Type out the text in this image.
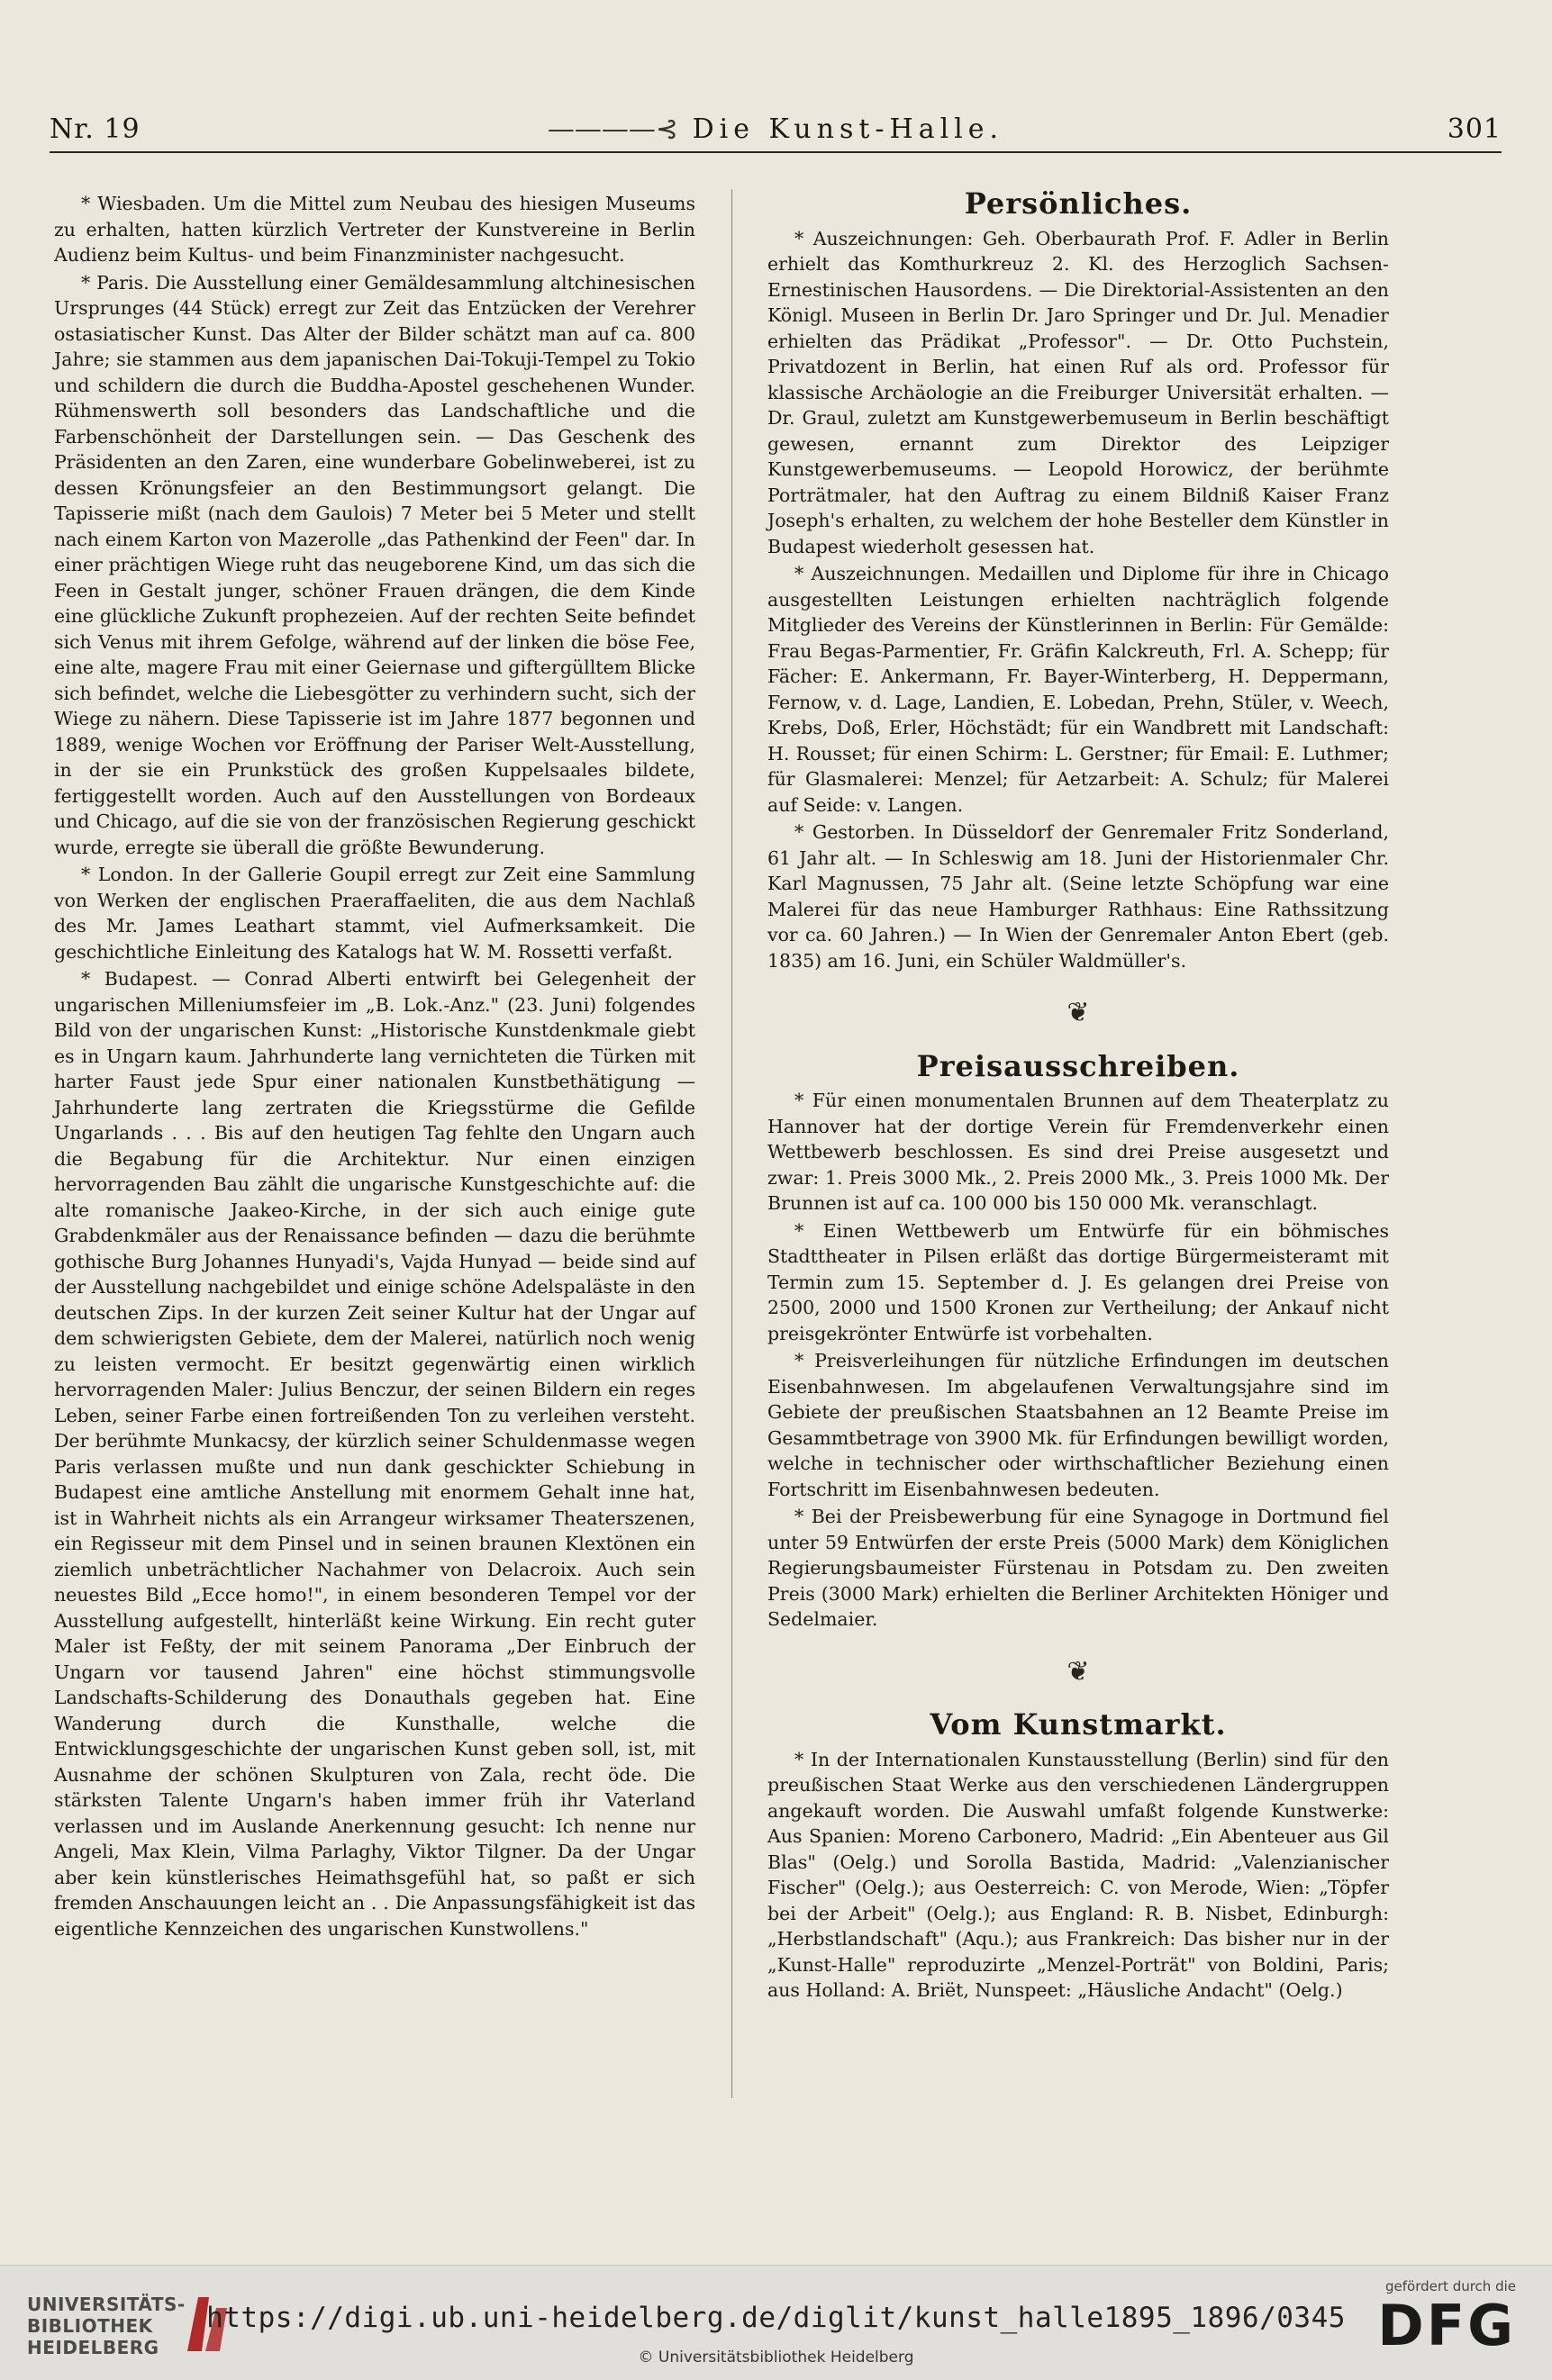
Nr. 19	————⊰ Die Kunst-Halle.	301

* Wiesbaden. Um die Mittel zum Neubau des hiesigen Museums zu erhalten, hatten kürzlich Vertreter der Kunstvereine in Berlin Audienz beim Kultus- und beim Finanzminister nachgesucht.

* Paris. Die Ausstellung einer Gemäldesammlung altchinesischen Ursprunges (44 Stück) erregt zur Zeit das Entzücken der Verehrer ostasiatischer Kunst. Das Alter der Bilder schätzt man auf ca. 800 Jahre; sie stammen aus dem japanischen Dai-Tokuji-Tempel zu Tokio und schildern die durch die Buddha-Apostel geschehenen Wunder. Rühmenswerth soll besonders das Landschaftliche und die Farbenschönheit der Darstellungen sein. — Das Geschenk des Präsidenten an den Zaren, eine wunderbare Gobelinweberei, ist zu dessen Krönungsfeier an den Bestimmungsort gelangt. Die Tapisserie mißt (nach dem Gaulois) 7 Meter bei 5 Meter und stellt nach einem Karton von Mazerolle „das Pathenkind der Feen" dar. In einer prächtigen Wiege ruht das neugeborene Kind, um das sich die Feen in Gestalt junger, schöner Frauen drängen, die dem Kinde eine glückliche Zukunft prophezeien. Auf der rechten Seite befindet sich Venus mit ihrem Gefolge, während auf der linken die böse Fee, eine alte, magere Frau mit einer Geiernase und giftergülltem Blicke sich befindet, welche die Liebesgötter zu verhindern sucht, sich der Wiege zu nähern. Diese Tapisserie ist im Jahre 1877 begonnen und 1889, wenige Wochen vor Eröffnung der Pariser Welt-Ausstellung, in der sie ein Prunkstück des großen Kuppelsaales bildete, fertiggestellt worden. Auch auf den Ausstellungen von Bordeaux und Chicago, auf die sie von der französischen Regierung geschickt wurde, erregte sie überall die größte Bewunderung.

* London. In der Gallerie Goupil erregt zur Zeit eine Sammlung von Werken der englischen Praeraffaeliten, die aus dem Nachlaß des Mr. James Leathart stammt, viel Aufmerksamkeit. Die geschichtliche Einleitung des Katalogs hat W. M. Rossetti verfaßt.

* Budapest. — Conrad Alberti entwirft bei Gelegenheit der ungarischen Milleniumsfeier im „B. Lok.-Anz." (23. Juni) folgendes Bild von der ungarischen Kunst: „Historische Kunstdenkmale giebt es in Ungarn kaum. Jahrhunderte lang vernichteten die Türken mit harter Faust jede Spur einer nationalen Kunstbethätigung — Jahrhunderte lang zertraten die Kriegsstürme die Gefilde Ungarlands . . . Bis auf den heutigen Tag fehlte den Ungarn auch die Begabung für die Architektur. Nur einen einzigen hervorragenden Bau zählt die ungarische Kunstgeschichte auf: die alte romanische Jaakeo-Kirche, in der sich auch einige gute Grabdenkmäler aus der Renaissance befinden — dazu die berühmte gothische Burg Johannes Hunyadi's, Vajda Hunyad — beide sind auf der Ausstellung nachgebildet und einige schöne Adelspaläste in den deutschen Zips. In der kurzen Zeit seiner Kultur hat der Ungar auf dem schwierigsten Gebiete, dem der Malerei, natürlich noch wenig zu leisten vermocht. Er besitzt gegenwärtig einen wirklich hervorragenden Maler: Julius Benczur, der seinen Bildern ein reges Leben, seiner Farbe einen fortreißenden Ton zu verleihen versteht. Der berühmte Munkacsy, der kürzlich seiner Schuldenmasse wegen Paris verlassen mußte und nun dank geschickter Schiebung in Budapest eine amtliche Anstellung mit enormem Gehalt inne hat, ist in Wahrheit nichts als ein Arrangeur wirksamer Theaterszenen, ein Regisseur mit dem Pinsel und in seinen braunen Klextönen ein ziemlich unbeträchtlicher Nachahmer von Delacroix. Auch sein neuestes Bild „Ecce homo!", in einem besonderen Tempel vor der Ausstellung aufgestellt, hinterläßt keine Wirkung. Ein recht guter Maler ist Feßty, der mit seinem Panorama „Der Einbruch der Ungarn vor tausend Jahren" eine höchst stimmungsvolle Landschafts-Schilderung des Donauthals gegeben hat. Eine Wanderung durch die Kunsthalle, welche die Entwicklungsgeschichte der ungarischen Kunst geben soll, ist, mit Ausnahme der schönen Skulpturen von Zala, recht öde. Die stärksten Talente Ungarn's haben immer früh ihr Vaterland verlassen und im Auslande Anerkennung gesucht: Ich nenne nur Angeli, Max Klein, Vilma Parlaghy, Viktor Tilgner. Da der Ungar aber kein künstlerisches Heimathsgefühl hat, so paßt er sich fremden Anschauungen leicht an . . Die Anpassungsfähigkeit ist das eigentliche Kennzeichen des ungarischen Kunstwollens."

Persönliches.

* Auszeichnungen: Geh. Oberbaurath Prof. F. Adler in Berlin erhielt das Komthurkreuz 2. Kl. des Herzoglich Sachsen-Ernestinischen Hausordens. — Die Direktorial-Assistenten an den Königl. Museen in Berlin Dr. Jaro Springer und Dr. Jul. Menadier erhielten das Prädikat „Professor". — Dr. Otto Puchstein, Privatdozent in Berlin, hat einen Ruf als ord. Professor für klassische Archäologie an die Freiburger Universität erhalten. — Dr. Graul, zuletzt am Kunstgewerbemuseum in Berlin beschäftigt gewesen, ernannt zum Direktor des Leipziger Kunstgewerbemuseums. — Leopold Horowicz, der berühmte Porträtmaler, hat den Auftrag zu einem Bildniß Kaiser Franz Joseph's erhalten, zu welchem der hohe Besteller dem Künstler in Budapest wiederholt gesessen hat.

* Auszeichnungen. Medaillen und Diplome für ihre in Chicago ausgestellten Leistungen erhielten nachträglich folgende Mitglieder des Vereins der Künstlerinnen in Berlin: Für Gemälde: Frau Begas-Parmentier, Fr. Gräfin Kalckreuth, Frl. A. Schepp; für Fächer: E. Ankermann, Fr. Bayer-Winterberg, H. Deppermann, Fernow, v. d. Lage, Landien, E. Lobedan, Prehn, Stüler, v. Weech, Krebs, Doß, Erler, Höchstädt; für ein Wandbrett mit Landschaft: H. Rousset; für einen Schirm: L. Gerstner; für Email: E. Luthmer; für Glasmalerei: Menzel; für Aetzarbeit: A. Schulz; für Malerei auf Seide: v. Langen.

* Gestorben. In Düsseldorf der Genremaler Fritz Sonderland, 61 Jahr alt. — In Schleswig am 18. Juni der Historienmaler Chr. Karl Magnussen, 75 Jahr alt. (Seine letzte Schöpfung war eine Malerei für das neue Hamburger Rathhaus: Eine Rathssitzung vor ca. 60 Jahren.) — In Wien der Genremaler Anton Ebert (geb. 1835) am 16. Juni, ein Schüler Waldmüller's.

❦
Preisausschreiben.

* Für einen monumentalen Brunnen auf dem Theaterplatz zu Hannover hat der dortige Verein für Fremdenverkehr einen Wettbewerb beschlossen. Es sind drei Preise ausgesetzt und zwar: 1. Preis 3000 Mk., 2. Preis 2000 Mk., 3. Preis 1000 Mk. Der Brunnen ist auf ca. 100 000 bis 150 000 Mk. veranschlagt.

* Einen Wettbewerb um Entwürfe für ein böhmisches Stadttheater in Pilsen erläßt das dortige Bürgermeisteramt mit Termin zum 15. September d. J. Es gelangen drei Preise von 2500, 2000 und 1500 Kronen zur Vertheilung; der Ankauf nicht preisgekrönter Entwürfe ist vorbehalten.

* Preisverleihungen für nützliche Erfindungen im deutschen Eisenbahnwesen. Im abgelaufenen Verwaltungsjahre sind im Gebiete der preußischen Staatsbahnen an 12 Beamte Preise im Gesammtbetrage von 3900 Mk. für Erfindungen bewilligt worden, welche in technischer oder wirthschaftlicher Beziehung einen Fortschritt im Eisenbahnwesen bedeuten.

* Bei der Preisbewerbung für eine Synagoge in Dortmund fiel unter 59 Entwürfen der erste Preis (5000 Mark) dem Königlichen Regierungsbaumeister Fürstenau in Potsdam zu. Den zweiten Preis (3000 Mark) erhielten die Berliner Architekten Höniger und Sedelmaier.

❦
Vom Kunstmarkt.

* In der Internationalen Kunstausstellung (Berlin) sind für den preußischen Staat Werke aus den verschiedenen Ländergruppen angekauft worden. Die Auswahl umfaßt folgende Kunstwerke: Aus Spanien: Moreno Carbonero, Madrid: „Ein Abenteuer aus Gil Blas" (Oelg.) und Sorolla Bastida, Madrid: „Valenzianischer Fischer" (Oelg.); aus Oesterreich: C. von Merode, Wien: „Töpfer bei der Arbeit" (Oelg.); aus England: R. B. Nisbet, Edinburgh: „Herbstlandschaft" (Aqu.); aus Frankreich: Das bisher nur in der „Kunst-Halle" reproduzirte „Menzel-Porträt" von Boldini, Paris; aus Holland: A. Briët, Nunspeet: „Häusliche Andacht" (Oelg.)

UNIVERSITÄTS-
BIBLIOTHEK
HEIDELBERG
https://digi.ub.uni-heidelberg.de/diglit/kunst_halle1895_1896/0345
© Universitätsbibliothek Heidelberg
gefördert durch die
DFG
